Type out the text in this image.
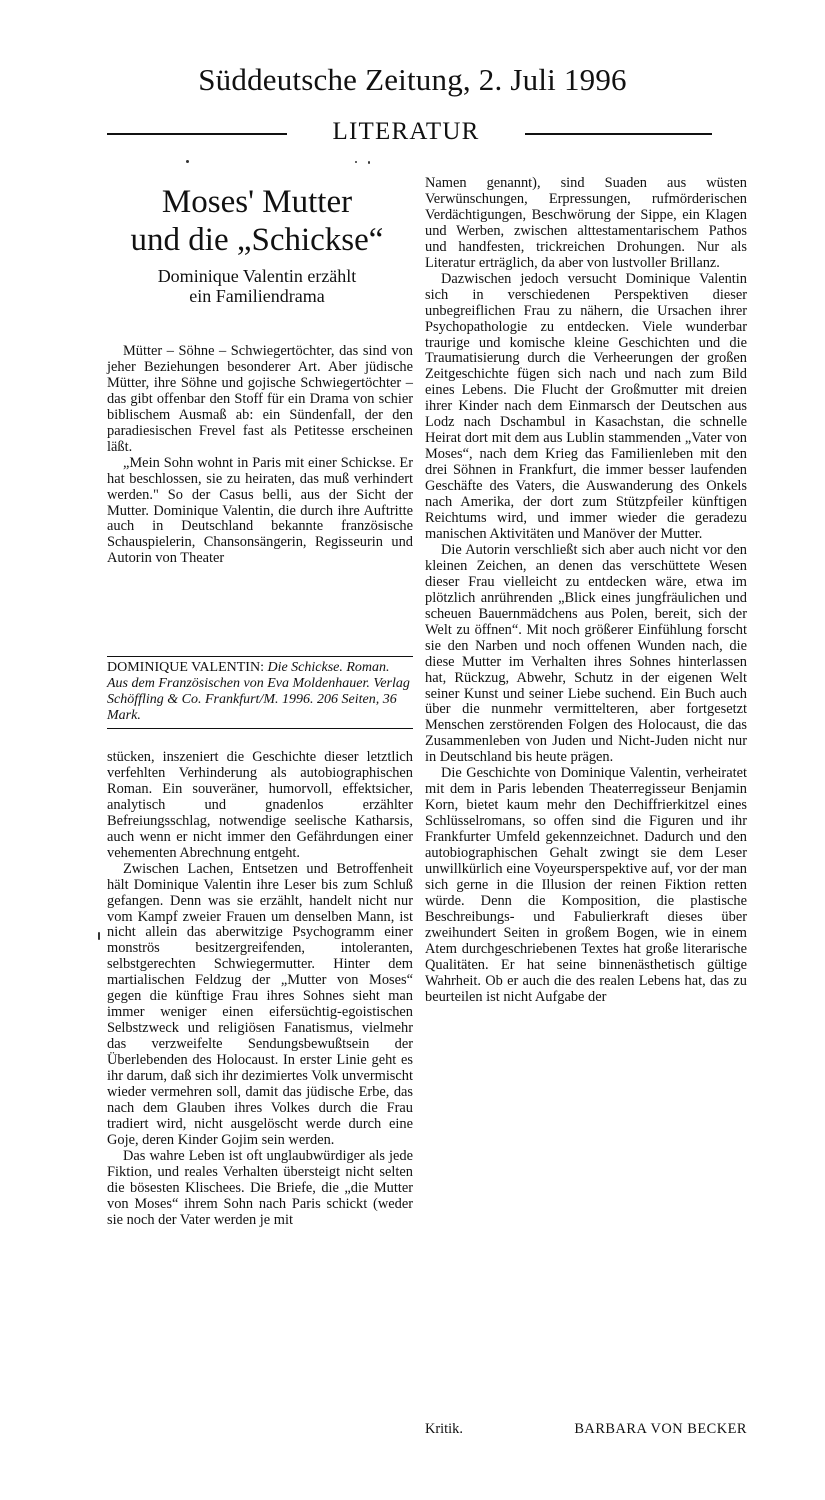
Süddeutsche Zeitung, 2. Juli 1996
LITERATUR
Moses' Mutter
und die „Schickse“
Dominique Valentin erzählt
ein Familiendrama

Mütter – Söhne – Schwiegertöchter, das sind von jeher Beziehungen besonderer Art. Aber jüdische Mütter, ihre Söhne und gojische Schwiegertöchter – das gibt offenbar den Stoff für ein Drama von schier biblischem Ausmaß ab: ein Sündenfall, der den paradiesischen Frevel fast als Petitesse erscheinen läßt.

„Mein Sohn wohnt in Paris mit einer Schickse. Er hat beschlossen, sie zu heiraten, das muß verhindert werden." So der Casus belli, aus der Sicht der Mutter. Dominique Valentin, die durch ihre Auftritte auch in Deutschland bekannte französische Schauspielerin, Chansonsängerin, Regisseurin und Autorin von Theater

DOMINIQUE VALENTIN: Die Schickse. Roman. Aus dem Französischen von Eva Moldenhauer. Verlag Schöffling & Co. Frankfurt/M. 1996. 206 Seiten, 36 Mark.

stücken, inszeniert die Geschichte dieser letztlich verfehlten Verhinderung als autobiographischen Roman. Ein souveräner, humorvoll, effektsicher, analytisch und gnadenlos erzählter Befreiungsschlag, notwendige seelische Katharsis, auch wenn er nicht immer den Gefährdungen einer vehementen Abrechnung entgeht.

Zwischen Lachen, Entsetzen und Betroffenheit hält Dominique Valentin ihre Leser bis zum Schluß gefangen. Denn was sie erzählt, handelt nicht nur vom Kampf zweier Frauen um denselben Mann, ist nicht allein das aberwitzige Psychogramm einer monströs besitzergreifenden, intoleranten, selbstgerechten Schwiegermutter. Hinter dem martialischen Feldzug der „Mutter von Moses“ gegen die künftige Frau ihres Sohnes sieht man immer weniger einen eifersüchtig-egoistischen Selbstzweck und religiösen Fanatismus, vielmehr das verzweifelte Sendungsbewußtsein der Überlebenden des Holocaust. In erster Linie geht es ihr darum, daß sich ihr dezimiertes Volk unvermischt wieder vermehren soll, damit das jüdische Erbe, das nach dem Glauben ihres Volkes durch die Frau tradiert wird, nicht ausgelöscht werde durch eine Goje, deren Kinder Gojim sein werden.

Das wahre Leben ist oft unglaubwürdiger als jede Fiktion, und reales Verhalten übersteigt nicht selten die bösesten Klischees. Die Briefe, die „die Mutter von Moses“ ihrem Sohn nach Paris schickt (weder sie noch der Vater werden je mit

Namen genannt), sind Suaden aus wüsten Verwünschungen, Erpressungen, rufmörderischen Verdächtigungen, Beschwörung der Sippe, ein Klagen und Werben, zwischen alttestamentarischem Pathos und handfesten, trickreichen Drohungen. Nur als Literatur erträglich, da aber von lustvoller Brillanz.

Dazwischen jedoch versucht Dominique Valentin sich in verschiedenen Perspektiven dieser unbegreiflichen Frau zu nähern, die Ursachen ihrer Psychopathologie zu entdecken. Viele wunderbar traurige und komische kleine Geschichten und die Traumatisierung durch die Verheerungen der großen Zeitgeschichte fügen sich nach und nach zum Bild eines Lebens. Die Flucht der Großmutter mit dreien ihrer Kinder nach dem Einmarsch der Deutschen aus Lodz nach Dschambul in Kasachstan, die schnelle Heirat dort mit dem aus Lublin stammenden „Vater von Moses“, nach dem Krieg das Familienleben mit den drei Söhnen in Frankfurt, die immer besser laufenden Geschäfte des Vaters, die Auswanderung des Onkels nach Amerika, der dort zum Stützpfeiler künftigen Reichtums wird, und immer wieder die geradezu manischen Aktivitäten und Manöver der Mutter.

Die Autorin verschließt sich aber auch nicht vor den kleinen Zeichen, an denen das verschüttete Wesen dieser Frau vielleicht zu entdecken wäre, etwa im plötzlich anrührenden „Blick eines jungfräulichen und scheuen Bauernmädchens aus Polen, bereit, sich der Welt zu öffnen“. Mit noch größerer Einfühlung forscht sie den Narben und noch offenen Wunden nach, die diese Mutter im Verhalten ihres Sohnes hinterlassen hat, Rückzug, Abwehr, Schutz in der eigenen Welt seiner Kunst und seiner Liebe suchend. Ein Buch auch über die nunmehr vermittelteren, aber fortgesetzt Menschen zerstörenden Folgen des Holocaust, die das Zusammenleben von Juden und Nicht-Juden nicht nur in Deutschland bis heute prägen.

Die Geschichte von Dominique Valentin, verheiratet mit dem in Paris lebenden Theaterregisseur Benjamin Korn, bietet kaum mehr den Dechiffrierkitzel eines Schlüsselromans, so offen sind die Figuren und ihr Frankfurter Umfeld gekennzeichnet. Dadurch und den autobiographischen Gehalt zwingt sie dem Leser unwillkürlich eine Voyeursperspektive auf, vor der man sich gerne in die Illusion der reinen Fiktion retten würde. Denn die Komposition, die plastische Beschreibungs- und Fabulierkraft dieses über zweihundert Seiten in großem Bogen, wie in einem Atem durchgeschriebenen Textes hat große literarische Qualitäten. Er hat seine binnenästhetisch gültige Wahrheit. Ob er auch die des realen Lebens hat, das zu beurteilen ist nicht Aufgabe der

Kritik.	BARBARA VON BECKER
